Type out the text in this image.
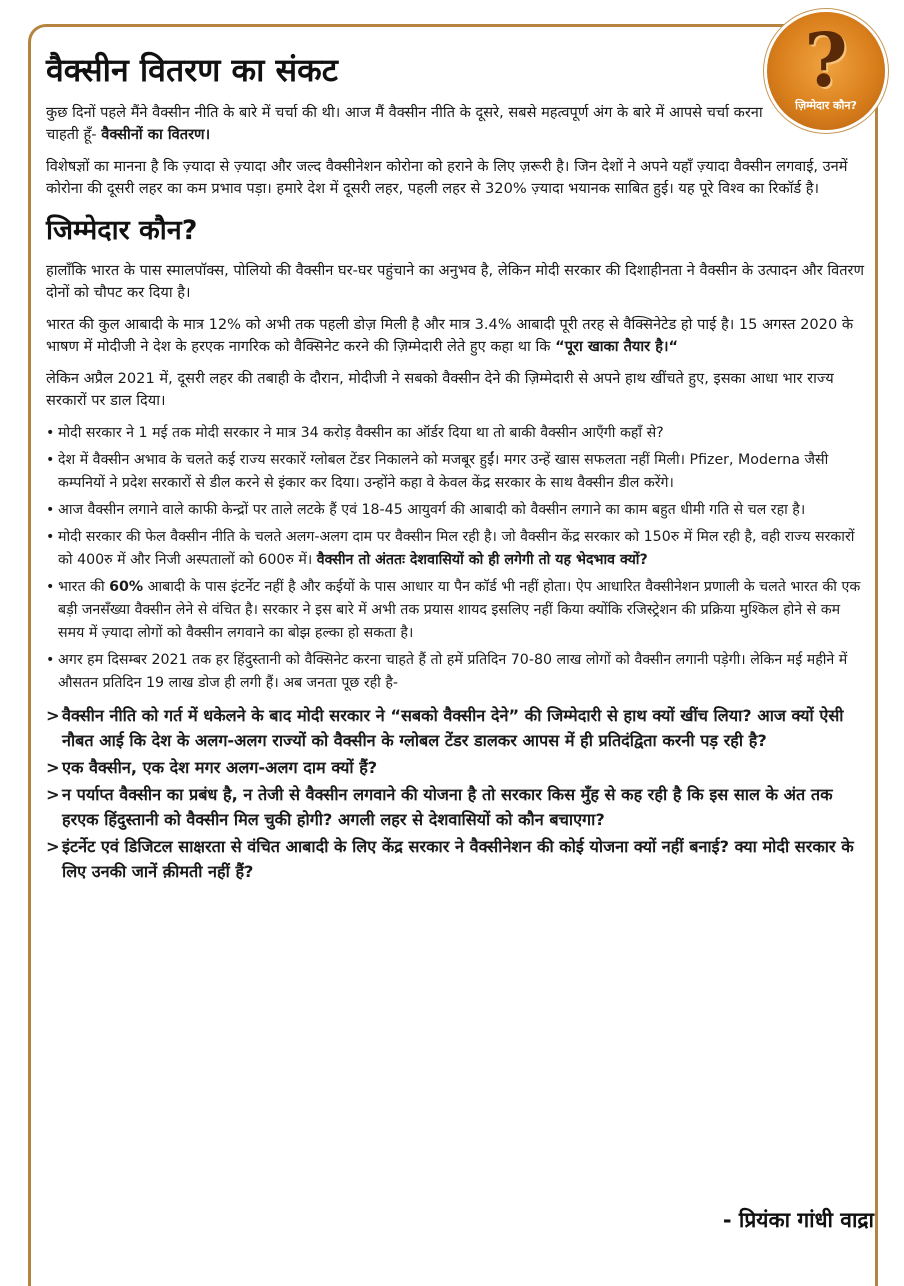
?
ज़िम्मेदार कौन?
वैक्सीन वितरण का संकट

कुछ दिनों पहले मैंने वैक्सीन नीति के बारे में चर्चा की थी। आज मैं वैक्सीन नीति के दूसरे, सबसे महत्वपूर्ण अंग के बारे में आपसे चर्चा करना चाहती हूँ- वैक्सीनों का वितरण।

विशेषज्ञों का मानना है कि ज़्यादा से ज़्यादा और जल्द वैक्सीनेशन कोरोना को हराने के लिए ज़रूरी है। जिन देशों ने अपने यहाँ ज़्यादा वैक्सीन लगवाई, उनमें कोरोना की दूसरी लहर का कम प्रभाव पड़ा। हमारे देश में दूसरी लहर, पहली लहर से 320% ज़्यादा भयानक साबित हुई। यह पूरे विश्व का रिकॉर्ड है।

जिम्मेदार कौन?

हालाँकि भारत के पास स्मालपॉक्स, पोलियो की वैक्सीन घर-घर पहुंचाने का अनुभव है, लेकिन मोदी सरकार की दिशाहीनता ने वैक्सीन के उत्पादन और वितरण दोनों को चौपट कर दिया है।

भारत की कुल आबादी के मात्र 12% को अभी तक पहली डोज़ मिली है और मात्र 3.4% आबादी पूरी तरह से वैक्सिनेटेड हो पाई है। 15 अगस्त 2020 के भाषण में मोदीजी ने देश के हरएक नागरिक को वैक्सिनेट करने की ज़िम्मेदारी लेते हुए कहा था कि “पूरा खाका तैयार है।“

लेकिन अप्रैल 2021 में, दूसरी लहर की तबाही के दौरान, मोदीजी ने सबको वैक्सीन देने की ज़िम्मेदारी से अपने हाथ खींचते हुए, इसका आधा भार राज्य सरकारों पर डाल दिया।

• मोदी सरकार ने 1 मई तक मोदी सरकार ने मात्र 34 करोड़ वैक्सीन का ऑर्डर दिया था तो बाकी वैक्सीन आएँगी कहाँ से?
• देश में वैक्सीन अभाव के चलते कई राज्य सरकारें ग्लोबल टेंडर निकालने को मजबूर हुईं। मगर उन्हें खास सफलता नहीं मिली। Pfizer, Moderna जैसी कम्पनियों ने प्रदेश सरकारों से डील करने से इंकार कर दिया। उन्होंने कहा वे केवल केंद्र सरकार के साथ वैक्सीन डील करेंगे।
• आज वैक्सीन लगाने वाले काफी केन्द्रों पर ताले लटके हैं एवं 18-45 आयुवर्ग की आबादी को वैक्सीन लगाने का काम बहुत धीमी गति से चल रहा है।
• मोदी सरकार की फेल वैक्सीन नीति के चलते अलग-अलग दाम पर वैक्सीन मिल रही है। जो वैक्सीन केंद्र सरकार को 150रु में मिल रही है, वही राज्य सरकारों को 400रु में और निजी अस्पतालों को 600रु में। वैक्सीन तो अंततः देशवासियों को ही लगेगी तो यह भेदभाव क्यों?
• भारत की 60% आबादी के पास इंटर्नेट नहीं है और कईयों के पास आधार या पैन कॉर्ड भी नहीं होता। ऐप आधारित वैक्सीनेशन प्रणाली के चलते भारत की एक बड़ी जनसँख्या वैक्सीन लेने से वंचित है। सरकार ने इस बारे में अभी तक प्रयास शायद इसलिए नहीं किया क्योंकि रजिस्ट्रेशन की प्रक्रिया मुश्किल होने से कम समय में ज़्यादा लोगों को वैक्सीन लगवाने का बोझ हल्का हो सकता है।
• अगर हम दिसम्बर 2021 तक हर हिंदुस्तानी को वैक्सिनेट करना चाहते हैं तो हमें प्रतिदिन 70-80 लाख लोगों को वैक्सीन लगानी पड़ेगी। लेकिन मई महीने में औसतन प्रतिदिन 19 लाख डोज ही लगी हैं। अब जनता पूछ रही है-
> वैक्सीन नीति को गर्त में धकेलने के बाद मोदी सरकार ने “सबको वैक्सीन देने” की जिम्मेदारी से हाथ क्यों खींच लिया? आज क्यों ऐसी नौबत आई कि देश के अलग-अलग राज्यों को वैक्सीन के ग्लोबल टेंडर डालकर आपस में ही प्रतिदंद्विता करनी पड़ रही है?
> एक वैक्सीन, एक देश मगर अलग-अलग दाम क्यों हैं?
> न पर्याप्त वैक्सीन का प्रबंध है, न तेजी से वैक्सीन लगवाने की योजना है तो सरकार किस मुँह से कह रही है कि इस साल के अंत तक हरएक हिंदुस्तानी को वैक्सीन मिल चुकी होगी? अगली लहर से देशवासियों को कौन बचाएगा?
> इंटर्नेट एवं डिजिटल साक्षरता से वंचित आबादी के लिए केंद्र सरकार ने वैक्सीनेशन की कोई योजना क्यों नहीं बनाई? क्या मोदी सरकार के लिए उनकी जानें क़ीमती नहीं हैं?
- प्रियंका गांधी वाद्रा
